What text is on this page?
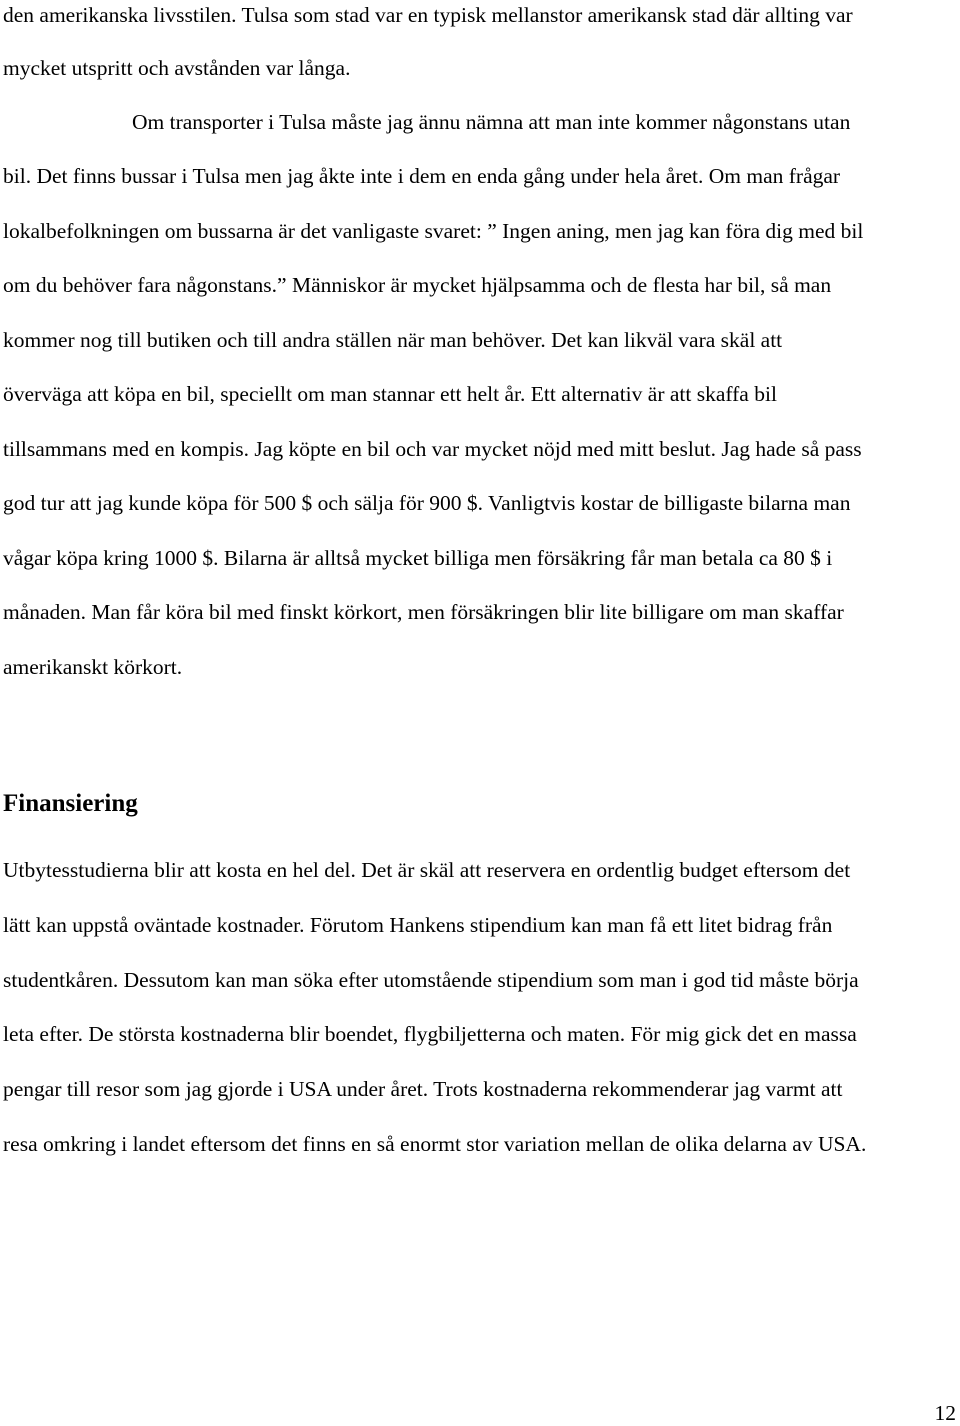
den amerikanska livsstilen. Tulsa som stad var en typisk mellanstor amerikansk stad där allting var
mycket utspritt och avstånden var långa.
Om transporter i Tulsa måste jag ännu nämna att man inte kommer någonstans utan
bil. Det finns bussar i Tulsa men jag åkte inte i dem en enda gång under hela året. Om man frågar
lokalbefolkningen om bussarna är det vanligaste svaret: ” Ingen aning, men jag kan föra dig med bil
om du behöver fara någonstans.” Människor är mycket hjälpsamma och de flesta har bil, så man
kommer nog till butiken och till andra ställen när man behöver. Det kan likväl vara skäl att
överväga att köpa en bil, speciellt om man stannar ett helt år. Ett alternativ är att skaffa bil
tillsammans med en kompis. Jag köpte en bil och var mycket nöjd med mitt beslut. Jag hade så pass
god tur att jag kunde köpa för 500 $ och sälja för 900 $. Vanligtvis kostar de billigaste bilarna man
vågar köpa kring 1000 $. Bilarna är alltså mycket billiga men försäkring får man betala ca 80 $ i
månaden. Man får köra bil med finskt körkort, men försäkringen blir lite billigare om man skaffar
amerikanskt körkort.
Finansiering
Utbytesstudierna blir att kosta en hel del. Det är skäl att reservera en ordentlig budget eftersom det
lätt kan uppstå oväntade kostnader. Förutom Hankens stipendium kan man få ett litet bidrag från
studentkåren. Dessutom kan man söka efter utomstående stipendium som man i god tid måste börja
leta efter. De största kostnaderna blir boendet, flygbiljetterna och maten. För mig gick det en massa
pengar till resor som jag gjorde i USA under året. Trots kostnaderna rekommenderar jag varmt att
resa omkring i landet eftersom det finns en så enormt stor variation mellan de olika delarna av USA.
12
